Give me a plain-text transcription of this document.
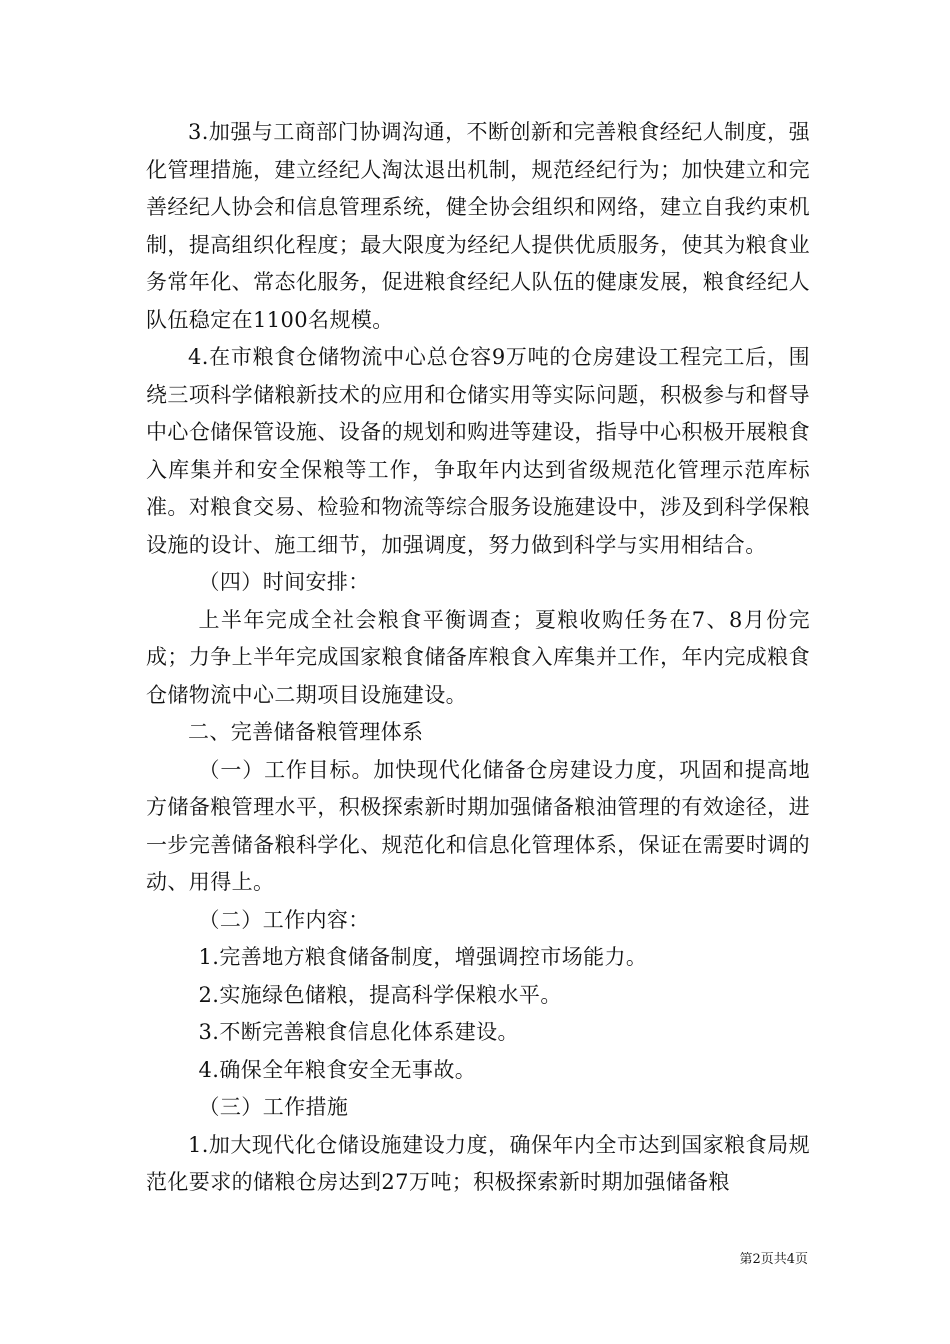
3.加强与工商部门协调沟通，不断创新和完善粮食经纪人制度，强化管理措施，建立经纪人淘汰退出机制，规范经纪行为；加快建立和完善经纪人协会和信息管理系统，健全协会组织和网络，建立自我约束机制，提高组织化程度；最大限度为经纪人提供优质服务，使其为粮食业务常年化、常态化服务，促进粮食经纪人队伍的健康发展，粮食经纪人队伍稳定在1100名规模。

4.在市粮食仓储物流中心总仓容9万吨的仓房建设工程完工后，围绕三项科学储粮新技术的应用和仓储实用等实际问题，积极参与和督导中心仓储保管设施、设备的规划和购进等建设，指导中心积极开展粮食入库集并和安全保粮等工作，争取年内达到省级规范化管理示范库标准。对粮食交易、检验和物流等综合服务设施建设中，涉及到科学保粮设施的设计、施工细节，加强调度，努力做到科学与实用相结合。

（四）时间安排：

上半年完成全社会粮食平衡调查；夏粮收购任务在7、8月份完成；力争上半年完成国家粮食储备库粮食入库集并工作，年内完成粮食仓储物流中心二期项目设施建设。

二、完善储备粮管理体系

（一）工作目标。加快现代化储备仓房建设力度，巩固和提高地方储备粮管理水平，积极探索新时期加强储备粮油管理的有效途径，进一步完善储备粮科学化、规范化和信息化管理体系，保证在需要时调的动、用得上。

（二）工作内容：

1.完善地方粮食储备制度，增强调控市场能力。

2.实施绿色储粮，提高科学保粮水平。

3.不断完善粮食信息化体系建设。

4.确保全年粮食安全无事故。

（三）工作措施

1.加大现代化仓储设施建设力度，确保年内全市达到国家粮食局规范化要求的储粮仓房达到27万吨；积极探索新时期加强储备粮

第2页共4页
